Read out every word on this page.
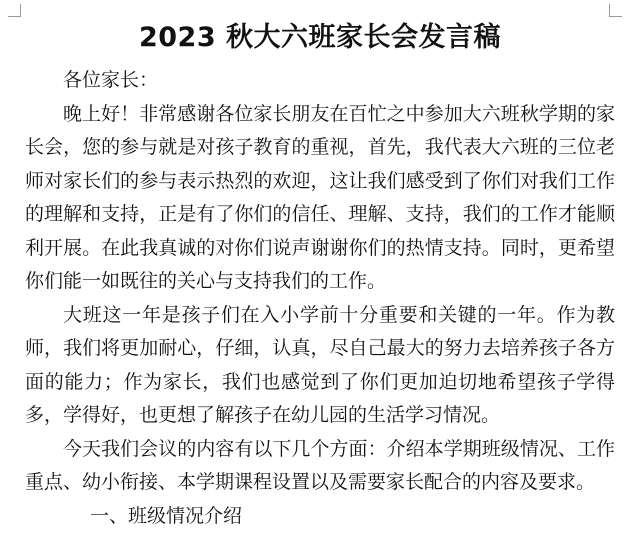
2023 秋大六班家长会发言稿

各位家长：

晚上好！非常感谢各位家长朋友在百忙之中参加大六班秋学期的家长会，您的参与就是对孩子教育的重视，首先，我代表大六班的三位老师对家长们的参与表示热烈的欢迎，这让我们感受到了你们对我们工作的理解和支持，正是有了你们的信任、理解、支持，我们的工作才能顺利开展。在此我真诚的对你们说声谢谢你们的热情支持。同时，更希望你们能一如既往的关心与支持我们的工作。

大班这一年是孩子们在入小学前十分重要和关键的一年。作为教师，我们将更加耐心，仔细，认真，尽自己最大的努力去培养孩子各方面的能力；作为家长，我们也感觉到了你们更加迫切地希望孩子学得多，学得好，也更想了解孩子在幼儿园的生活学习情况。

今天我们会议的内容有以下几个方面：介绍本学期班级情况、工作重点、幼小衔接、本学期课程设置以及需要家长配合的内容及要求。

一、班级情况介绍
